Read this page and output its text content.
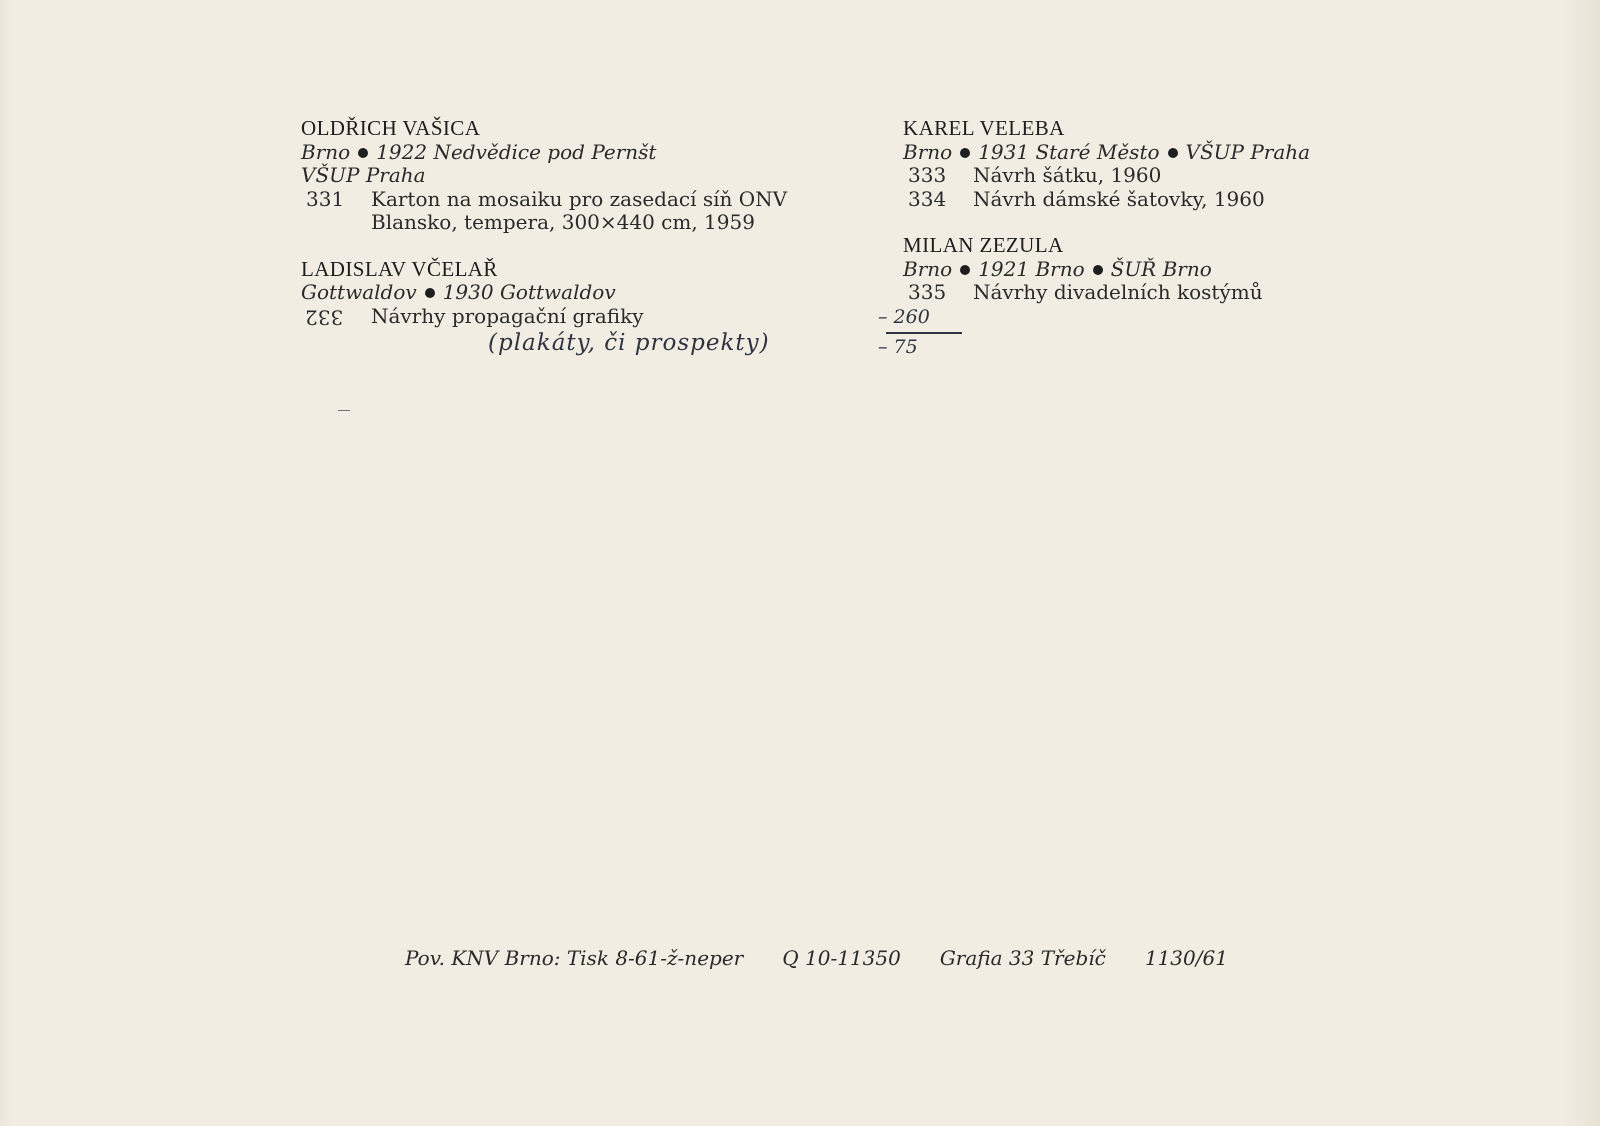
OLDŘICH VAŠICA
Brno 1922 Nedvědice pod Pernšt
VŠUP Praha
331	Karton na mosaiku pro zasedací síň ONV
Blansko, tempera, 300×440 cm, 1959
LADISLAV VČELAŘ
Gottwaldov 1930 Gottwaldov
332	Návrhy propagační grafiky
KAREL VELEBA
Brno 1931 Staré Město VŠUP Praha
333	Návrh šátku, 1960
334	Návrh dámské šatovky, 1960
MILAN ZEZULA
Brno 1921 Brno ŠUŘ Brno
335	Návrhy divadelních kostýmů
(plakáty, či prospekty)
– 260
– 75
Pov. KNV Brno: Tisk 8-61-ž-neper Q 10-11350 Grafia 33 Třebíč 1130/61
